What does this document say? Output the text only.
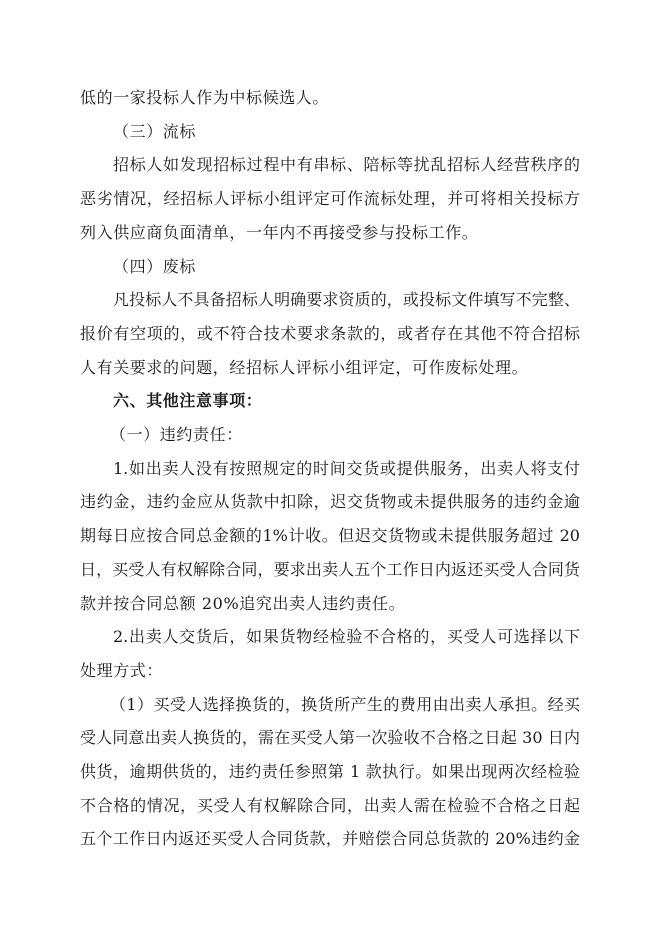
低的一家投标人作为中标候选人。
（三）流标
招标人如发现招标过程中有串标、陪标等扰乱招标人经营秩序的
恶劣情况，经招标人评标小组评定可作流标处理，并可将相关投标方
列入供应商负面清单，一年内不再接受参与投标工作。
（四）废标
凡投标人不具备招标人明确要求资质的，或投标文件填写不完整、
报价有空项的，或不符合技术要求条款的，或者存在其他不符合招标
人有关要求的问题，经招标人评标小组评定，可作废标处理。
六、其他注意事项：
（一）违约责任：
1.如出卖人没有按照规定的时间交货或提供服务，出卖人将支付
违约金，违约金应从货款中扣除，迟交货物或未提供服务的违约金逾
期每日应按合同总金额的1%计收。但迟交货物或未提供服务超过 20
日，买受人有权解除合同，要求出卖人五个工作日内返还买受人合同货
款并按合同总额 20%追究出卖人违约责任。
2.出卖人交货后，如果货物经检验不合格的，买受人可选择以下
处理方式：
（1）买受人选择换货的，换货所产生的费用由出卖人承担。经买
受人同意出卖人换货的，需在买受人第一次验收不合格之日起 30 日内
供货，逾期供货的，违约责任参照第 1 款执行。如果出现两次经检验
不合格的情况，买受人有权解除合同，出卖人需在检验不合格之日起
五个工作日内返还买受人合同货款，并赔偿合同总货款的 20%违约金
